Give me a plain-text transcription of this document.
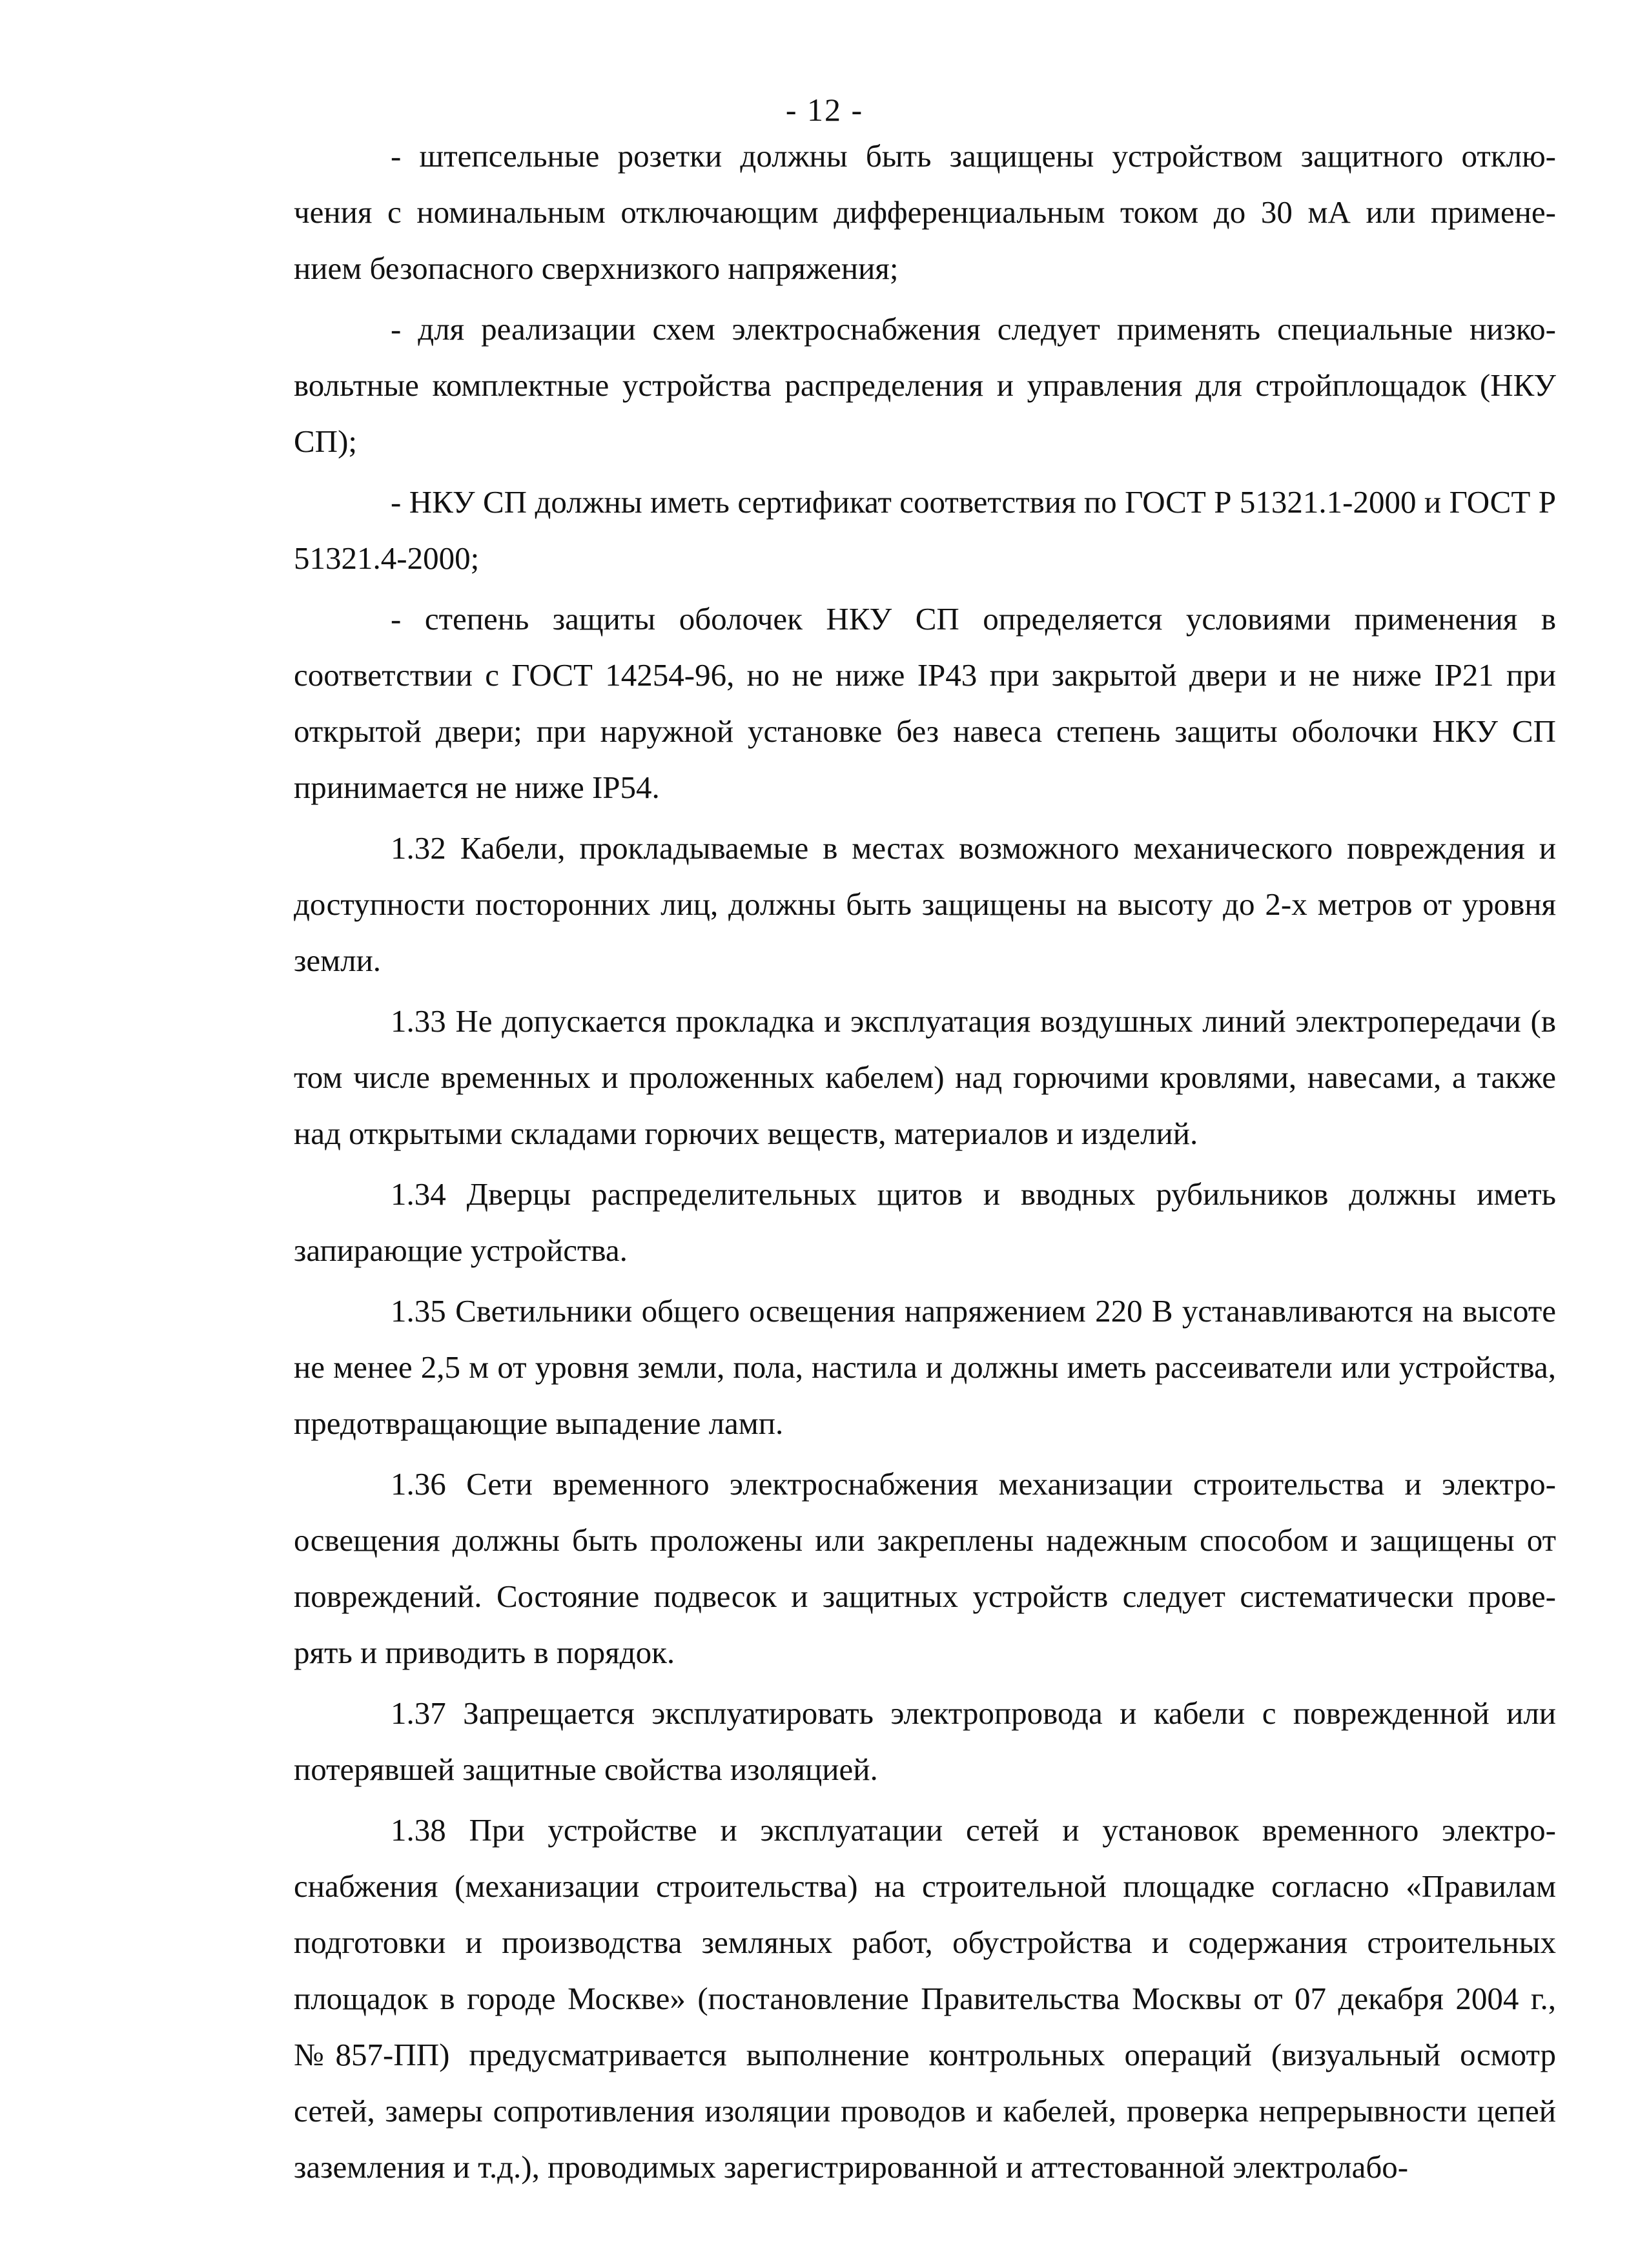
- 12 -

- штепсельные розетки должны быть защищены устройством защитного отклю- чения с номинальным отключающим дифференциальным током до 30 мА или примене- нием безопасного сверхнизкого напряжения;

- для реализации схем электроснабжения следует применять специальные низко- вольтные комплектные устройства распределения и управления для стройплощадок (НКУ СП);

- НКУ СП должны иметь сертификат соответствия по ГОСТ Р 51321.1-2000 и ГОСТ Р 51321.4-2000;

- степень защиты оболочек НКУ СП определяется условиями применения в соответствии с ГОСТ 14254-96, но не ниже IP43 при закрытой двери и не ниже IP21 при открытой двери; при наружной установке без навеса степень защиты оболочки НКУ СП принимается не ниже IP54.

1.32 Кабели, прокладываемые в местах возможного механического повреждения и доступности посторонних лиц, должны быть защищены на высоту до 2-х метров от уровня земли.

1.33 Не допускается прокладка и эксплуатация воздушных линий электропередачи (в том числе временных и проложенных кабелем) над горючими кровлями, навесами, а также над открытыми складами горючих веществ, материалов и изделий.

1.34 Дверцы распределительных щитов и вводных рубильников должны иметь запирающие устройства.

1.35 Светильники общего освещения напряжением 220 В устанавливаются на высоте не менее 2,5 м от уровня земли, пола, настила и должны иметь рассеиватели или устройства, предотвращающие выпадение ламп.

1.36 Сети временного электроснабжения механизации строительства и электро- освещения должны быть проложены или закреплены надежным способом и защищены от повреждений. Состояние подвесок и защитных устройств следует систематически прове- рять и приводить в порядок.

1.37 Запрещается эксплуатировать электропровода и кабели с поврежденной или потерявшей защитные свойства изоляцией.

1.38 При устройстве и эксплуатации сетей и установок временного электро- снабжения (механизации строительства) на строительной площадке согласно «Правилам подготовки и производства земляных работ, обустройства и содержания строительных площадок в городе Москве» (постановление Правительства Москвы от 07 декабря 2004 г., №857-ПП) предусматривается выполнение контрольных операций (визуальный осмотр сетей, замеры сопротивления изоляции проводов и кабелей, проверка непрерывности цепей заземления и т.д.), проводимых зарегистрированной и аттестованной электролабо-
